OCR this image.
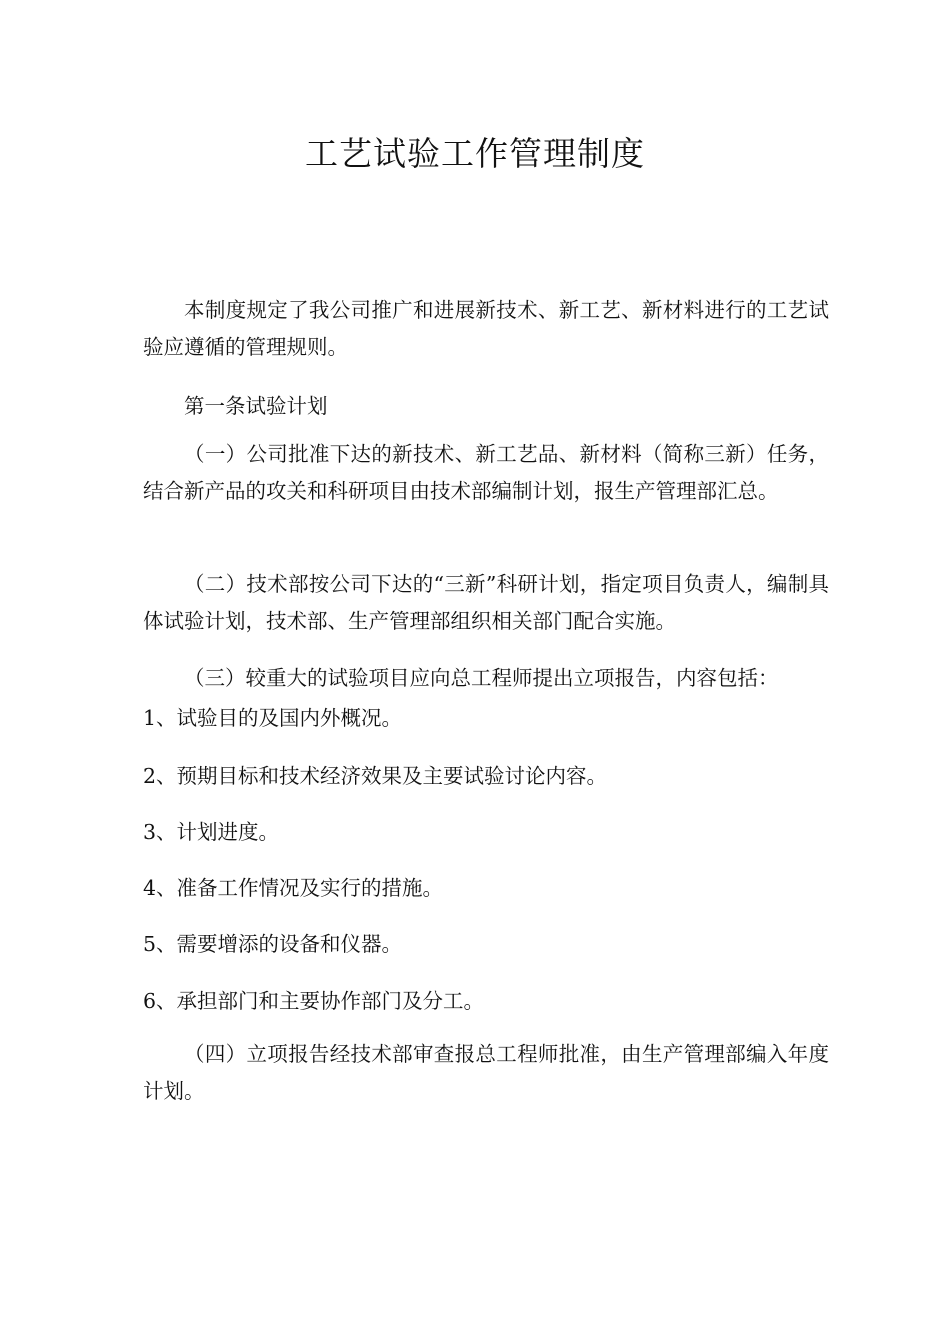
工艺试验工作管理制度

本制度规定了我公司推广和进展新技术、新工艺、新材料进行的工艺试验应遵循的管理规则。

第一条试验计划

（一）公司批准下达的新技术、新工艺品、新材料（简称三新）任务，结合新产品的攻关和科研项目由技术部编制计划，报生产管理部汇总。

（二）技术部按公司下达的“三新”科研计划，指定项目负责人，编制具体试验计划，技术部、生产管理部组织相关部门配合实施。

（三）较重大的试验项目应向总工程师提出立项报告，内容包括：

1、试验目的及国内外概况。

2、预期目标和技术经济效果及主要试验讨论内容。

3、计划进度。

4、准备工作情况及实行的措施。

5、需要增添的设备和仪器。

6、承担部门和主要协作部门及分工。

（四）立项报告经技术部审查报总工程师批准，由生产管理部编入年度计划。
